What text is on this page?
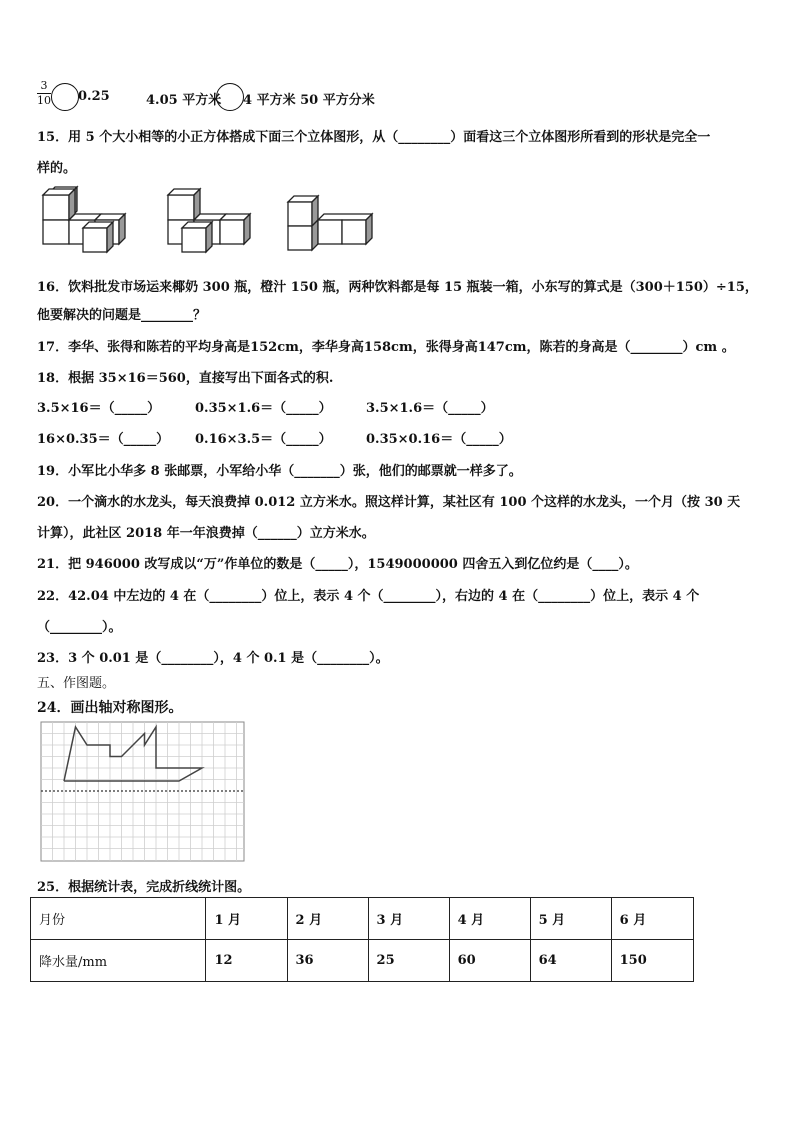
3
10 0.25	4.05 平方米 4 平方米 50 平方分米
15．用 5 个大小相等的小正方体搭成下面三个立体图形，从（________）面看这三个立体图形所看到的形状是完全一
样的。
16．饮料批发市场运来椰奶 300 瓶，橙汁 150 瓶，两种饮料都是每 15 瓶装一箱，小东写的算式是（300＋150）÷15，
他要解决的问题是________？
17．李华、张得和陈若的平均身高是152cm，李华身高158cm，张得身高147cm，陈若的身高是（________）cm 。
18．根据 35×16＝560，直接写出下面各式的积.
3.5×16＝（_____）	0.35×1.6＝（_____）	3.5×1.6＝（_____）
16×0.35＝（_____） 0.16×3.5＝（_____）	0.35×0.16＝（_____）
19．小军比小华多 8 张邮票，小军给小华（_______）张，他们的邮票就一样多了。
20．一个滴水的水龙头，每天浪费掉 0.012 立方米水。照这样计算，某社区有 100 个这样的水龙头，一个月（按 30 天
计算），此社区 2018 年一年浪费掉（______）立方米水。
21．把 946000 改写成以“万”作单位的数是（_____），1549000000 四舍五入到亿位约是（____）。
22．42.04 中左边的 4 在（________）位上，表示 4 个（________），右边的 4 在（________）位上，表示 4 个
（________）。
23．3 个 0.01 是（________），4 个 0.1 是（________）。
五、作图题。
24．画出轴对称图形。
25．根据统计表，完成折线统计图。
月份	1 月	2 月	3 月	4 月	5 月	6 月
降水量/mm	12	36	25	60	64	150
